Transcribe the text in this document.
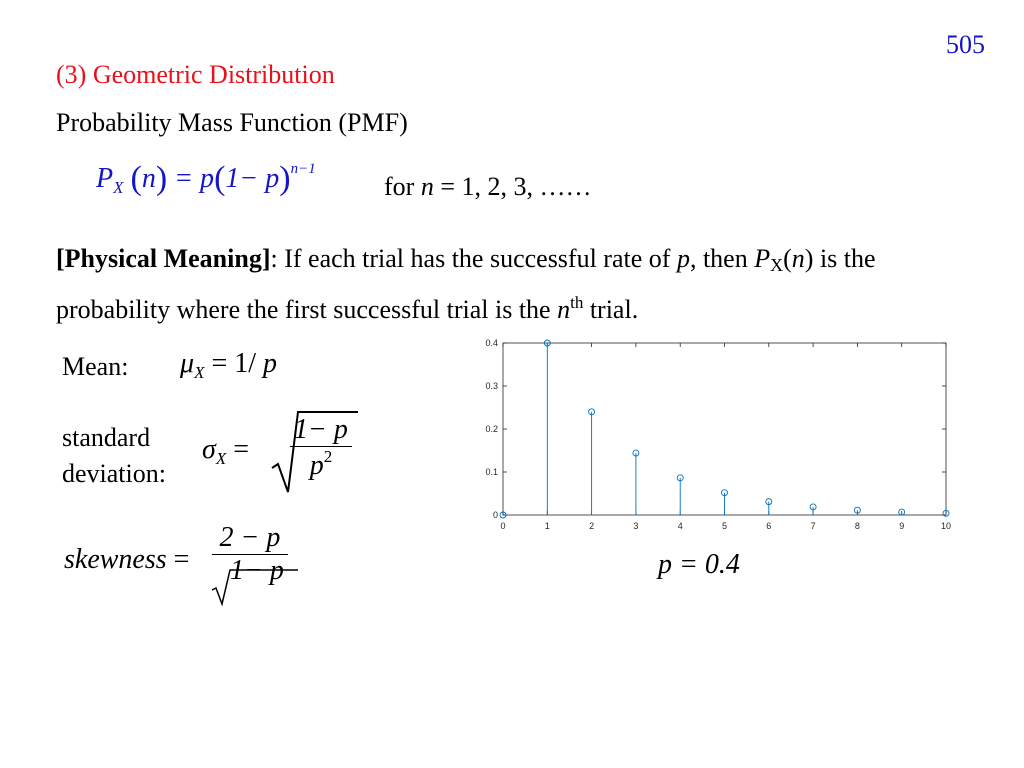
505
(3) Geometric Distribution
Probability Mass Function (PMF)
$P_X$ $(n) = p(1- p)^{n-1}$
for n = 1, 2, 3, ……
[Physical Meaning]: If each trial has the successful rate of p, then $P_X(n)$ is the probability where the first successful trial is the $n^{th}$ trial.
Mean: $\mu_X = 1/$ p
standard
deviation:
$\sigma_X = \frac{1- p}{p^2}$
skewness = $\frac{2 - p}{1- p}$	0	1	2	3	4	5	6	7	8	9	10
0
0.1
0.2
0.3
0.4
p = 0.4
